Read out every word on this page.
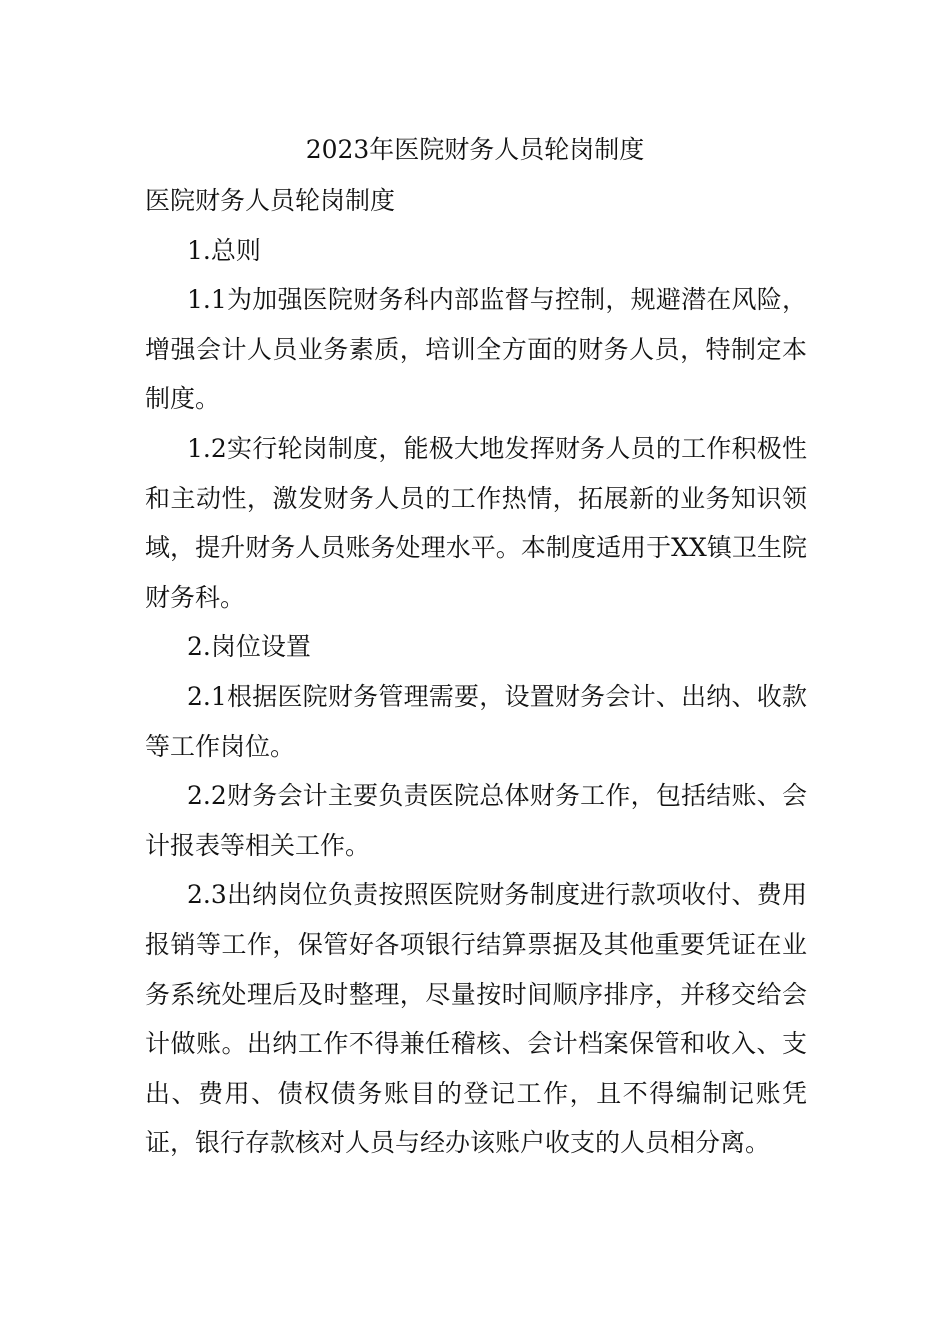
2023年医院财务人员轮岗制度

医院财务人员轮岗制度

1.总则

1.1为加强医院财务科内部监督与控制，规避潜在风险，增强会计人员业务素质，培训全方面的财务人员，特制定本制度。

1.2实行轮岗制度，能极大地发挥财务人员的工作积极性和主动性，激发财务人员的工作热情，拓展新的业务知识领域，提升财务人员账务处理水平。本制度适用于XX镇卫生院财务科。

2.岗位设置

2.1根据医院财务管理需要，设置财务会计、出纳、收款等工作岗位。

2.2财务会计主要负责医院总体财务工作，包括结账、会计报表等相关工作。

2.3出纳岗位负责按照医院财务制度进行款项收付、费用报销等工作，保管好各项银行结算票据及其他重要凭证在业务系统处理后及时整理，尽量按时间顺序排序，并移交给会计做账。出纳工作不得兼任稽核、会计档案保管和收入、支出、费用、债权债务账目的登记工作，且不得编制记账凭证，银行存款核对人员与经办该账户收支的人员相分离。
